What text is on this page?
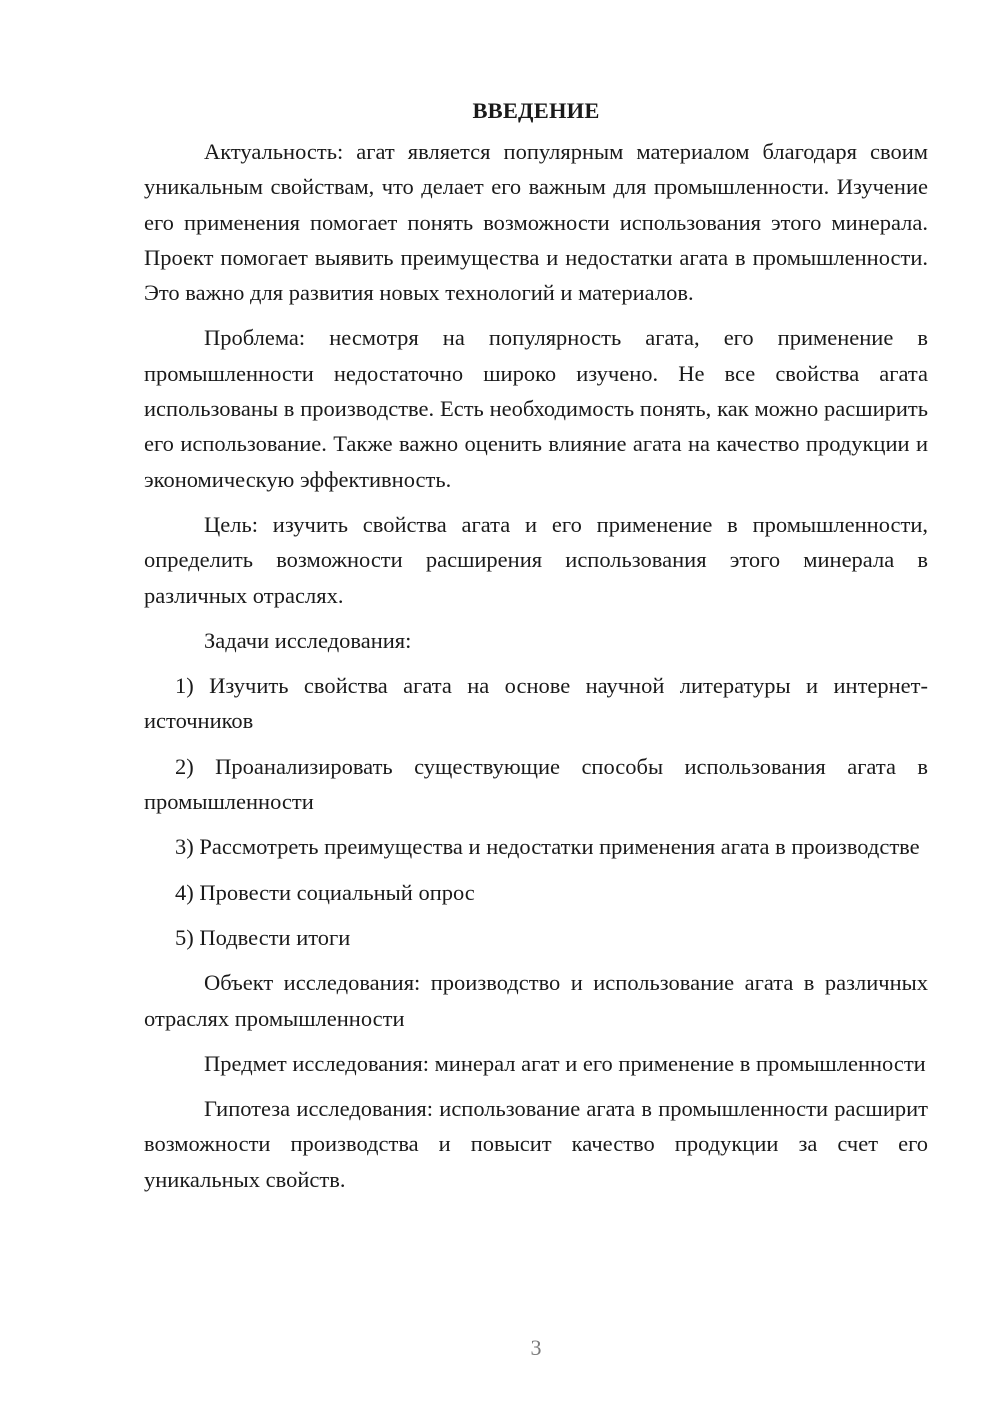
ВВЕДЕНИЕ

Актуальность: агат является популярным материалом благодаря своим уникальным свойствам, что делает его важным для промышленности. Изучение его применения помогает понять возможности использования этого минерала. Проект помогает выявить преимущества и недостатки агата в промышленности. Это важно для развития новых технологий и материалов.

Проблема: несмотря на популярность агата, его применение в промышленности недостаточно широко изучено. Не все свойства агата использованы в производстве. Есть необходимость понять, как можно расширить его использование. Также важно оценить влияние агата на качество продукции и экономическую эффективность.

Цель: изучить свойства агата и его применение в промышленности, определить возможности расширения использования этого минерала в различных отраслях.

Задачи исследования:

1) Изучить свойства агата на основе научной литературы и интернет-источников

2) Проанализировать существующие способы использования агата в промышленности

3) Рассмотреть преимущества и недостатки применения агата в производстве

4) Провести социальный опрос

5) Подвести итоги

Объект исследования: производство и использование агата в различных отраслях промышленности

Предмет исследования: минерал агат и его применение в промышленности

Гипотеза исследования: использование агата в промышленности расширит возможности производства и повысит качество продукции за счет его уникальных свойств.

3
